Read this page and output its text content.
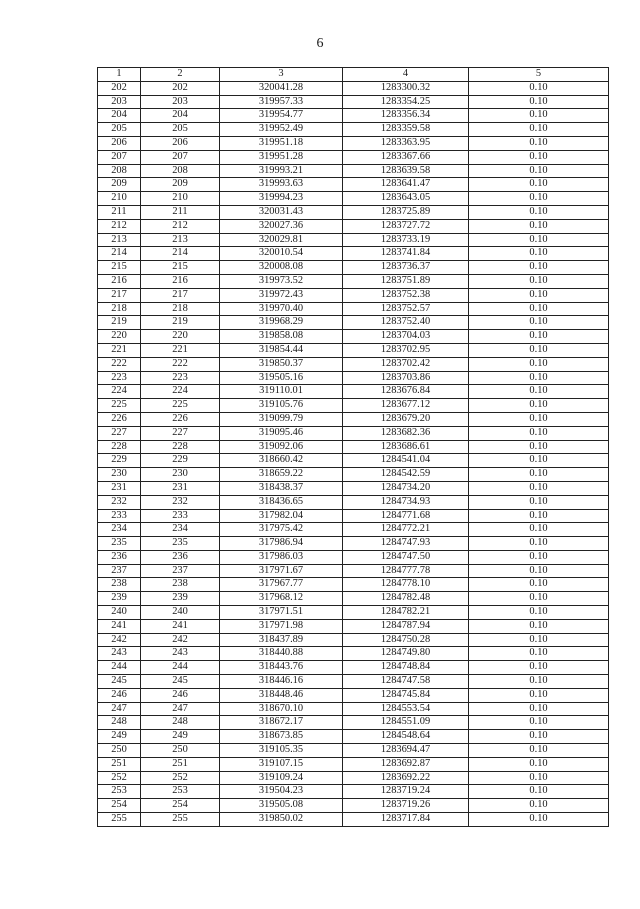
6
1	2	3	4	5
202	202	320041.28	1283300.32	0.10
203	203	319957.33	1283354.25	0.10
204	204	319954.77	1283356.34	0.10
205	205	319952.49	1283359.58	0.10
206	206	319951.18	1283363.95	0.10
207	207	319951.28	1283367.66	0.10
208	208	319993.21	1283639.58	0.10
209	209	319993.63	1283641.47	0.10
210	210	319994.23	1283643.05	0.10
211	211	320031.43	1283725.89	0.10
212	212	320027.36	1283727.72	0.10
213	213	320029.81	1283733.19	0.10
214	214	320010.54	1283741.84	0.10
215	215	320008.08	1283736.37	0.10
216	216	319973.52	1283751.89	0.10
217	217	319972.43	1283752.38	0.10
218	218	319970.40	1283752.57	0.10
219	219	319968.29	1283752.40	0.10
220	220	319858.08	1283704.03	0.10
221	221	319854.44	1283702.95	0.10
222	222	319850.37	1283702.42	0.10
223	223	319505.16	1283703.86	0.10
224	224	319110.01	1283676.84	0.10
225	225	319105.76	1283677.12	0.10
226	226	319099.79	1283679.20	0.10
227	227	319095.46	1283682.36	0.10
228	228	319092.06	1283686.61	0.10
229	229	318660.42	1284541.04	0.10
230	230	318659.22	1284542.59	0.10
231	231	318438.37	1284734.20	0.10
232	232	318436.65	1284734.93	0.10
233	233	317982.04	1284771.68	0.10
234	234	317975.42	1284772.21	0.10
235	235	317986.94	1284747.93	0.10
236	236	317986.03	1284747.50	0.10
237	237	317971.67	1284777.78	0.10
238	238	317967.77	1284778.10	0.10
239	239	317968.12	1284782.48	0.10
240	240	317971.51	1284782.21	0.10
241	241	317971.98	1284787.94	0.10
242	242	318437.89	1284750.28	0.10
243	243	318440.88	1284749.80	0.10
244	244	318443.76	1284748.84	0.10
245	245	318446.16	1284747.58	0.10
246	246	318448.46	1284745.84	0.10
247	247	318670.10	1284553.54	0.10
248	248	318672.17	1284551.09	0.10
249	249	318673.85	1284548.64	0.10
250	250	319105.35	1283694.47	0.10
251	251	319107.15	1283692.87	0.10
252	252	319109.24	1283692.22	0.10
253	253	319504.23	1283719.24	0.10
254	254	319505.08	1283719.26	0.10
255	255	319850.02	1283717.84	0.10
